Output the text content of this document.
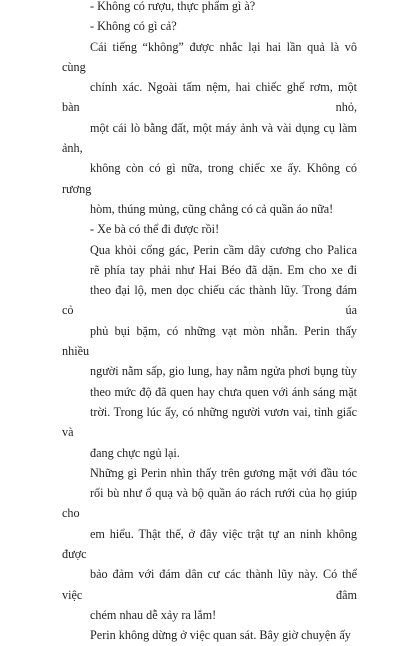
- Không có rượu, thực phẩm gì à?

- Không có gì cả?

Cái tiếng “không” được nhắc lại hai lần quả là vô cùng
chính xác. Ngoài tấm nệm, hai chiếc ghế rơm, một bàn nhỏ,
một cái lò bằng đất, một máy ảnh và vài dụng cụ làm ảnh,
không còn có gì nữa, trong chiếc xe ấy. Không có rương
hòm, thúng mủng, cũng chẳng có cả quần áo nữa!

- Xe bà có thể đi được rồi!

Qua khỏi cổng gác, Perin cầm dây cương cho Palica
rẽ phía tay phải như Hai Béo đã dặn. Em cho xe đi
theo đại lộ, men dọc chiếu các thành lũy. Trong đám cỏ úa
phủ bụi bặm, có những vạt mòn nhẵn. Perin thấy nhiều
người nằm sấp, gio lung, hay nằm ngửa phơi bụng tùy
theo mức độ đã quen hay chưa quen với ánh sáng mặt
trời. Trong lúc ấy, có những người vươn vai, tỉnh giấc và
đang chực ngủ lại.

Những gì Perin nhìn thấy trên gương mặt với đầu tóc
rối bù như ổ quạ và bộ quần áo rách rưới của họ giúp cho
em hiểu. Thật thế, ở đây việc trật tự an ninh không được
bảo đảm với đám dân cư các thành lũy này. Có thể việc đâm
chém nhau dễ xảy ra lắm!

Perin không dừng ở việc quan sát. Bây giờ chuyện ấy
